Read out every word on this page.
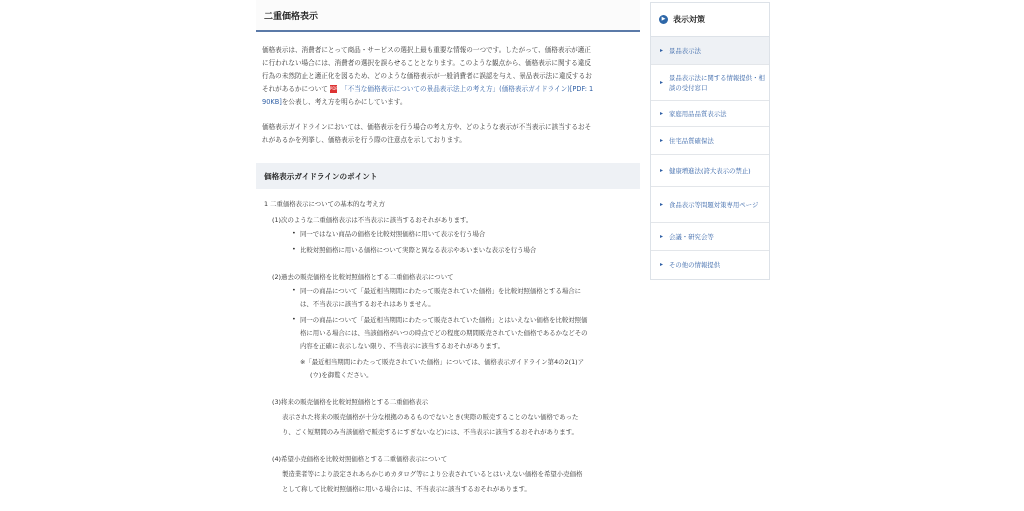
二重価格表示
価格表示は、消費者にとって商品・サービスの選択上最も重要な情報の一つです。したがって、価格表示が適正
に行われない場合には、消費者の選択を誤らせることとなります。このような観点から、価格表示に関する違反
行為の未然防止と適正化を図るため、どのような価格表示が一般消費者に誤認を与え、景品表示法に違反するお
それがあるかについて PDF 「不当な価格表示についての景品表示法上の考え方」(価格表示ガイドライン)[PDF: 1
90KB]を公表し、考え方を明らかにしています。
価格表示ガイドラインにおいては、価格表示を行う場合の考え方や、どのような表示が不当表示に該当するおそ
れがあるかを列挙し、価格表示を行う際の注意点を示しております。
価格表示ガイドラインのポイント
1 二重価格表示についての基本的な考え方
(1)次のような二重価格表示は不当表示に該当するおそれがあります。
• 同一ではない商品の価格を比較対照価格に用いて表示を行う場合
• 比較対照価格に用いる価格について実際と異なる表示やあいまいな表示を行う場合
(2)過去の販売価格を比較対照価格とする二重価格表示について
• 同一の商品について「最近相当期間にわたって販売されていた価格」を比較対照価格とする場合に
は、不当表示に該当するおそれはありません。
• 同一の商品について「最近相当期間にわたって販売されていた価格」とはいえない価格を比較対照価
格に用いる場合には、当該価格がいつの時点でどの程度の期間販売されていた価格であるかなどその
内容を正確に表示しない限り、不当表示に該当するおそれがあります。
※「最近相当期間にわたって販売されていた価格」については、価格表示ガイドライン第4の2(1)ア
(ウ)を御覧ください。
(3)将来の販売価格を比較対照価格とする二重価格表示
表示された将来の販売価格が十分な根拠のあるものでないとき(実際の販売することのない価格であった
り、ごく短期間のみ当該価格で販売するにすぎないなど)には、不当表示に該当するおそれがあります。
(4)希望小売価格を比較対照価格とする二重価格表示について
製造業者等により設定されあらかじめカタログ等により公表されているとはいえない価格を希望小売価格
として称して比較対照価格に用いる場合には、不当表示に該当するおそれがあります。
▶ 表示対策
▸ 景品表示法
▸
景品表示法に関する情報提供・相談の受付窓口
▸ 家庭用品品質表示法
▸ 住宅品質確保法
▸ 健康増進法(誇大表示の禁止)
▸ 食品表示等問題対策専用ページ
▸ 会議・研究会等
▸ その他の情報提供
